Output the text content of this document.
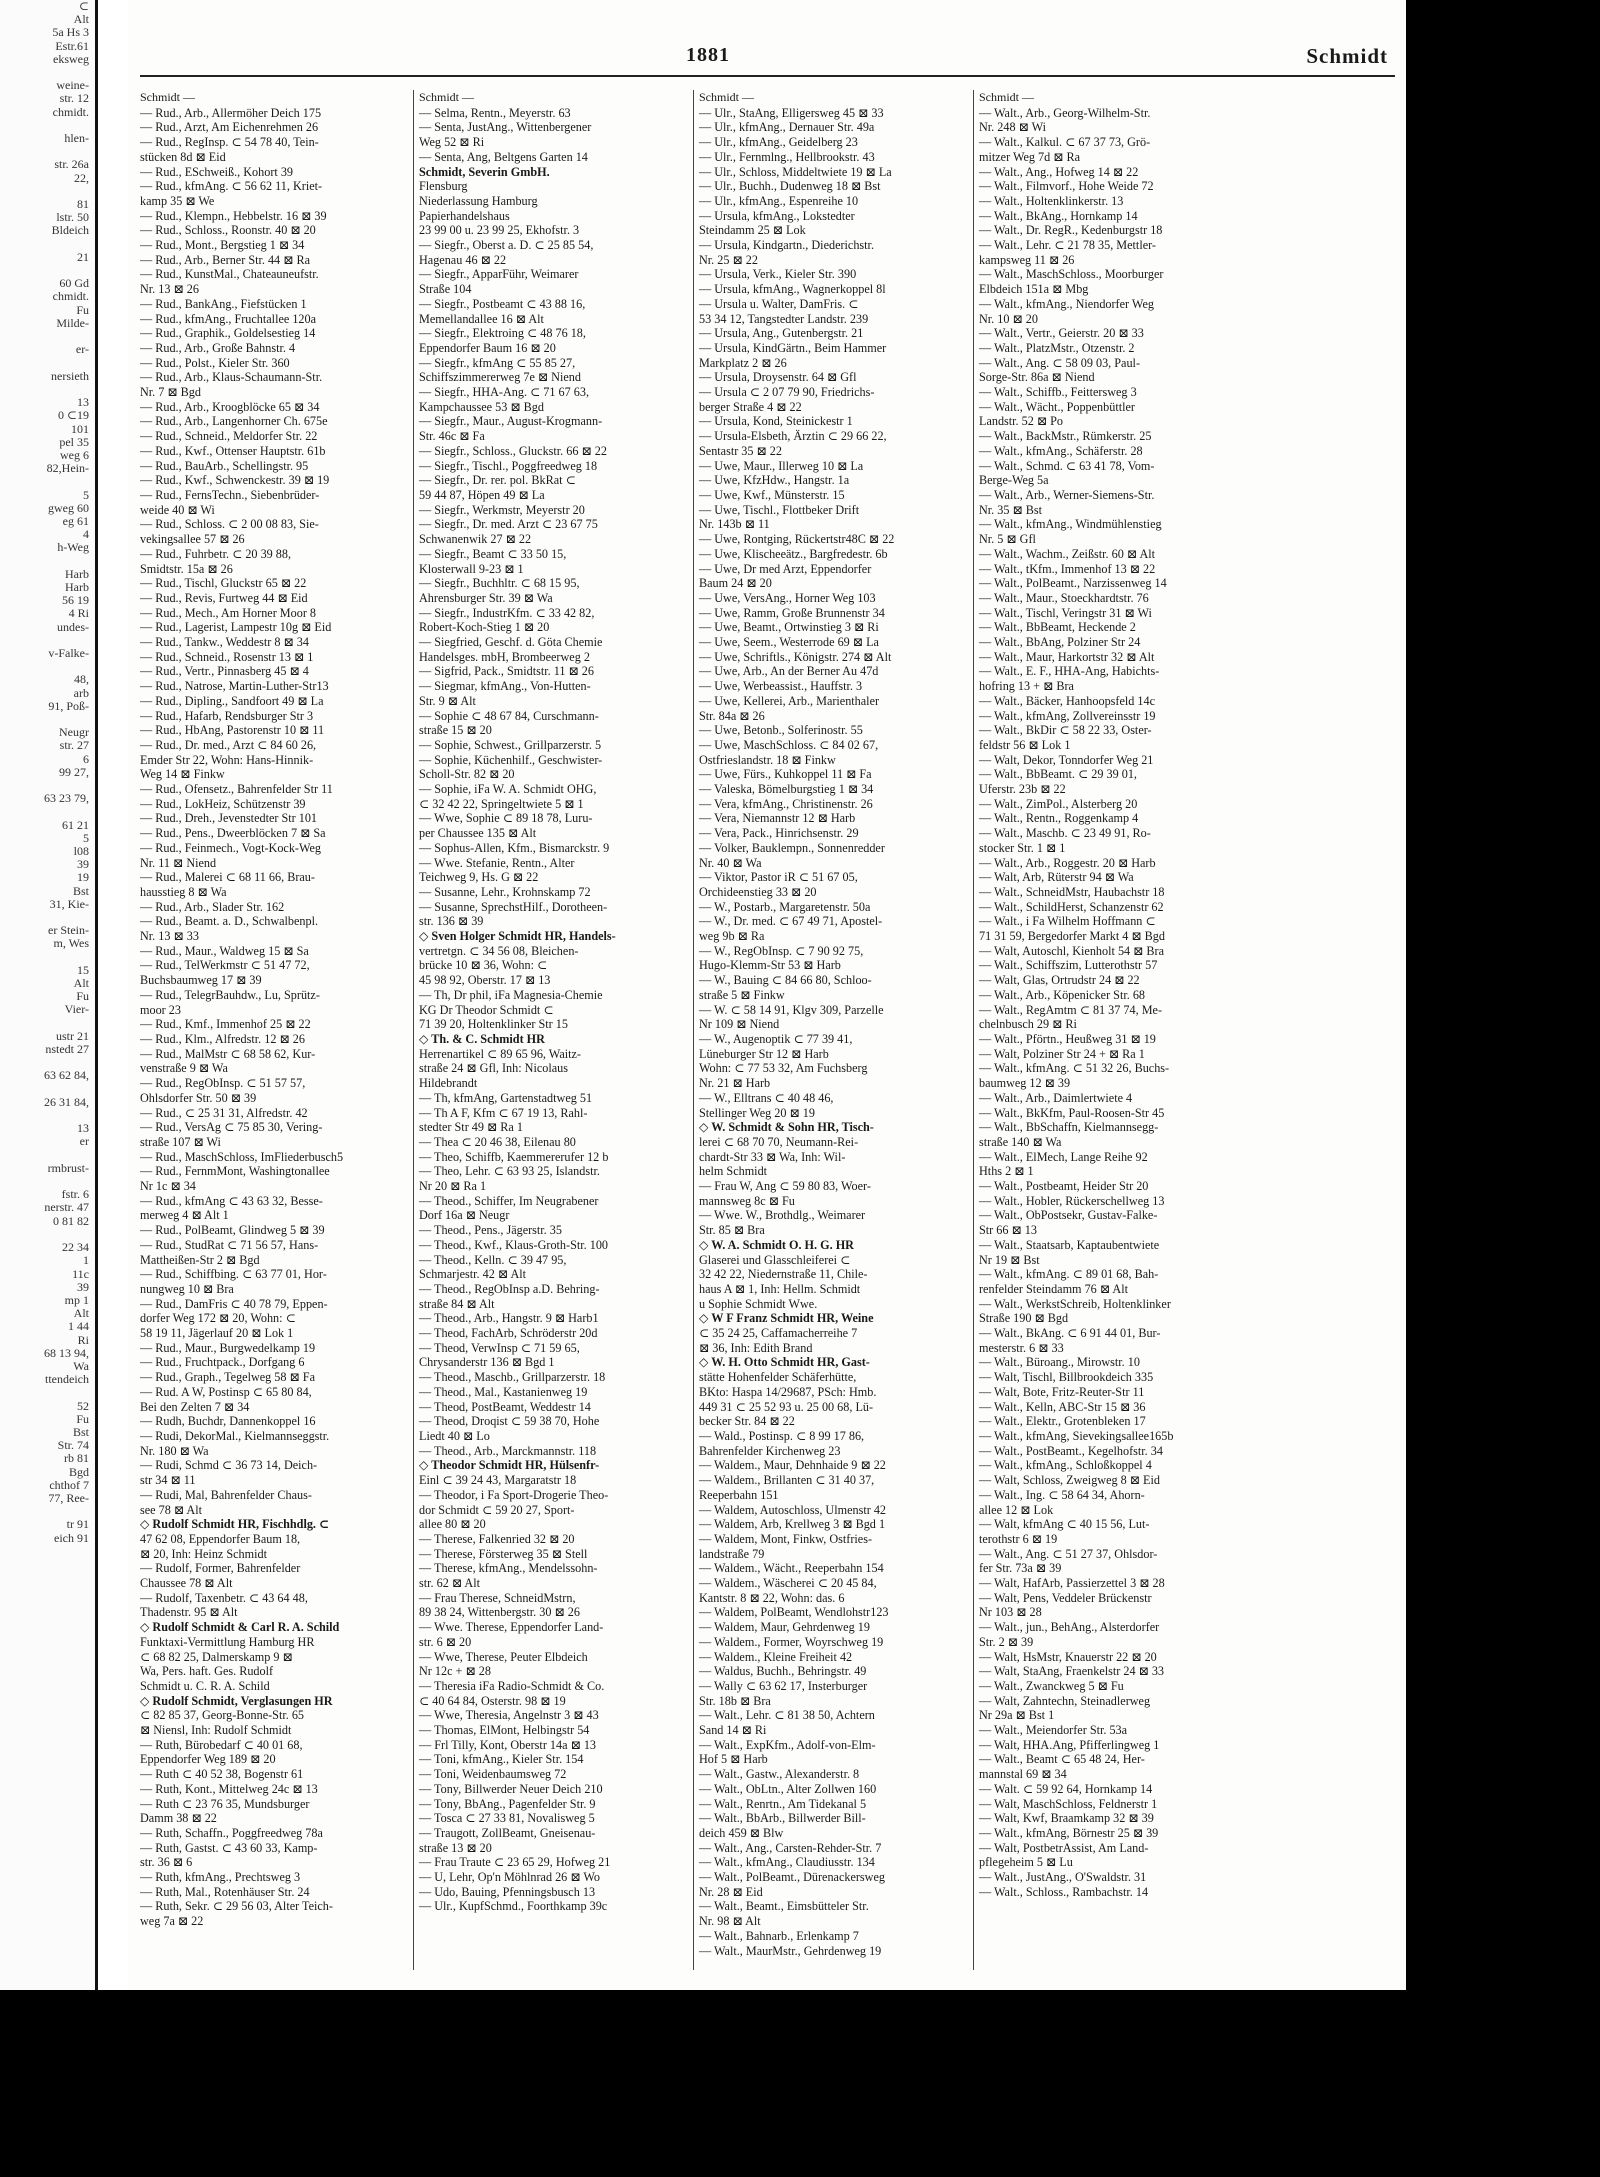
⊂
Alt
5a Hs 3
Estr.61
eksweg

weine-
str. 12
chmidt.

hlen-

str. 26a
22,

81
lstr. 50
Bldeich

21

60 Gd
chmidt.
Fu
Milde-

er-

nersieth

13
0 ⊂19
101
pel 35
weg 6
82,Hein-

5
gweg 60
eg 61
4
h-Weg

Harb
Harb
56 19
4 Ri
undes-

v-Falke-

48,
arb
91, Poß-

Neugr
str. 27
6
99 27,

63 23 79,

61 21
5
l08
39
19
Bst
31, Kie-

er Stein-
m, Wes

15
Alt
Fu
Vier-

ustr 21
nstedt 27

63 62 84,

26 31 84,

13
er

rmbrust-

fstr. 6
nerstr. 47
0 81 82

22 34
1
11c
39
mp 1
Alt
1 44
Ri
68 13 94,
Wa
ttendeich

52
Fu
Bst
Str. 74
rb 81
Bgd
chthof 7
77, Ree-

tr 91
eich 91
1881	Schmidt
Schmidt —
— Rud., Arb., Allermöher Deich 175
— Rud., Arzt, Am Eichenrehmen 26
— Rud., RegInsp. ⊂ 54 78 40, Tein-
stücken 8d ⊠ Eid
— Rud., ESchweiß., Kohort 39
— Rud., kfmAng. ⊂ 56 62 11, Kriet-
kamp 35 ⊠ We
— Rud., Klempn., Hebbelstr. 16 ⊠ 39
— Rud., Schloss., Roonstr. 40 ⊠ 20
— Rud., Mont., Bergstieg 1 ⊠ 34
— Rud., Arb., Berner Str. 44 ⊠ Ra
— Rud., KunstMal., Chateauneufstr.
Nr. 13 ⊠ 26
— Rud., BankAng., Fiefstücken 1
— Rud., kfmAng., Fruchtallee 120a
— Rud., Graphik., Goldelsestieg 14
— Rud., Arb., Große Bahnstr. 4
— Rud., Polst., Kieler Str. 360
— Rud., Arb., Klaus-Schaumann-Str.
Nr. 7 ⊠ Bgd
— Rud., Arb., Kroogblöcke 65 ⊠ 34
— Rud., Arb., Langenhorner Ch. 675e
— Rud., Schneid., Meldorfer Str. 22
— Rud., Kwf., Ottenser Hauptstr. 61b
— Rud., BauArb., Schellingstr. 95
— Rud., Kwf., Schwenckestr. 39 ⊠ 19
— Rud., FernsTechn., Siebenbrüder-
weide 40 ⊠ Wi
— Rud., Schloss. ⊂ 2 00 08 83, Sie-
vekingsallee 57 ⊠ 26
— Rud., Fuhrbetr. ⊂ 20 39 88,
Smidtstr. 15a ⊠ 26
— Rud., Tischl, Gluckstr 65 ⊠ 22
— Rud., Revis, Furtweg 44 ⊠ Eid
— Rud., Mech., Am Horner Moor 8
— Rud., Lagerist, Lampestr 10g ⊠ Eid
— Rud., Tankw., Weddestr 8 ⊠ 34
— Rud., Schneid., Rosenstr 13 ⊠ 1
— Rud., Vertr., Pinnasberg 45 ⊠ 4
— Rud., Natrose, Martin-Luther-Str13
— Rud., Dipling., Sandfoort 49 ⊠ La
— Rud., Hafarb, Rendsburger Str 3
— Rud., HbAng, Pastorenstr 10 ⊠ 11
— Rud., Dr. med., Arzt ⊂ 84 60 26,
Emder Str 22, Wohn: Hans-Hinnik-
Weg 14 ⊠ Finkw
— Rud., Ofensetz., Bahrenfelder Str 11
— Rud., LokHeiz, Schützenstr 39
— Rud., Dreh., Jevenstedter Str 101
— Rud., Pens., Dweerblöcken 7 ⊠ Sa
— Rud., Feinmech., Vogt-Kock-Weg
Nr. 11 ⊠ Niend
— Rud., Malerei ⊂ 68 11 66, Brau-
hausstieg 8 ⊠ Wa
— Rud., Arb., Slader Str. 162
— Rud., Beamt. a. D., Schwalbenpl.
Nr. 13 ⊠ 33
— Rud., Maur., Waldweg 15 ⊠ Sa
— Rud., TelWerkmstr ⊂ 51 47 72,
Buchsbaumweg 17 ⊠ 39
— Rud., TelegrBauhdw., Lu, Sprütz-
moor 23
— Rud., Kmf., Immenhof 25 ⊠ 22
— Rud., Klm., Alfredstr. 12 ⊠ 26
— Rud., MalMstr ⊂ 68 58 62, Kur-
venstraße 9 ⊠ Wa
— Rud., RegObInsp. ⊂ 51 57 57,
Ohlsdorfer Str. 50 ⊠ 39
— Rud., ⊂ 25 31 31, Alfredstr. 42
— Rud., VersAg ⊂ 75 85 30, Vering-
straße 107 ⊠ Wi
— Rud., MaschSchloss, ImFliederbusch5
— Rud., FernmMont, Washingtonallee
Nr 1c ⊠ 34
— Rud., kfmAng ⊂ 43 63 32, Besse-
merweg 4 ⊠ Alt 1
— Rud., PolBeamt, Glindweg 5 ⊠ 39
— Rud., StudRat ⊂ 71 56 57, Hans-
Mattheißen-Str 2 ⊠ Bgd
— Rud., Schiffbing. ⊂ 63 77 01, Hor-
nungweg 10 ⊠ Bra
— Rud., DamFris ⊂ 40 78 79, Eppen-
dorfer Weg 172 ⊠ 20, Wohn: ⊂
58 19 11, Jägerlauf 20 ⊠ Lok 1
— Rud., Maur., Burgwedelkamp 19
— Rud., Fruchtpack., Dorfgang 6
— Rud., Graph., Tegelweg 58 ⊠ Fa
— Rud. A W, Postinsp ⊂ 65 80 84,
Bei den Zelten 7 ⊠ 34
— Rudh, Buchdr, Dannenkoppel 16
— Rudi, DekorMal., Kielmannseggstr.
Nr. 180 ⊠ Wa
— Rudi, Schmd ⊂ 36 73 14, Deich-
str 34 ⊠ 11
— Rudi, Mal, Bahrenfelder Chaus-
see 78 ⊠ Alt
◇ Rudolf Schmidt HR, Fischhdlg. ⊂
47 62 08, Eppendorfer Baum 18,
⊠ 20, Inh: Heinz Schmidt
— Rudolf, Former, Bahrenfelder
Chaussee 78 ⊠ Alt
— Rudolf, Taxenbetr. ⊂ 43 64 48,
Thadenstr. 95 ⊠ Alt
◇ Rudolf Schmidt & Carl R. A. Schild
Funktaxi-Vermittlung Hamburg HR
⊂ 68 82 25, Dalmerskamp 9 ⊠
Wa, Pers. haft. Ges. Rudolf
Schmidt u. C. R. A. Schild
◇ Rudolf Schmidt, Verglasungen HR
⊂ 82 85 37, Georg-Bonne-Str. 65
⊠ Niensl, Inh: Rudolf Schmidt
— Ruth, Bürobedarf ⊂ 40 01 68,
Eppendorfer Weg 189 ⊠ 20
— Ruth ⊂ 40 52 38, Bogenstr 61
— Ruth, Kont., Mittelweg 24c ⊠ 13
— Ruth ⊂ 23 76 35, Mundsburger
Damm 38 ⊠ 22
— Ruth, Schaffn., Poggfreedweg 78a
— Ruth, Gastst. ⊂ 43 60 33, Kamp-
str. 36 ⊠ 6
— Ruth, kfmAng., Prechtsweg 3
— Ruth, Mal., Rotenhäuser Str. 24
— Ruth, Sekr. ⊂ 29 56 03, Alter Teich-
weg 7a ⊠ 22
Schmidt —
— Selma, Rentn., Meyerstr. 63
— Senta, JustAng., Wittenbergener
Weg 52 ⊠ Ri
— Senta, Ang, Beltgens Garten 14
Schmidt, Severin GmbH.
Flensburg
Niederlassung Hamburg
Papierhandelshaus
23 99 00 u. 23 99 25, Ekhofstr. 3
— Siegfr., Oberst a. D. ⊂ 25 85 54,
Hagenau 46 ⊠ 22
— Siegfr., ApparFühr, Weimarer
Straße 104
— Siegfr., Postbeamt ⊂ 43 88 16,
Memellandallee 16 ⊠ Alt
— Siegfr., Elektroing ⊂ 48 76 18,
Eppendorfer Baum 16 ⊠ 20
— Siegfr., kfmAng ⊂ 55 85 27,
Schiffszimmererweg 7e ⊠ Niend
— Siegfr., HHA-Ang. ⊂ 71 67 63,
Kampchaussee 53 ⊠ Bgd
— Siegfr., Maur., August-Krogmann-
Str. 46c ⊠ Fa
— Siegfr., Schloss., Gluckstr. 66 ⊠ 22
— Siegfr., Tischl., Poggfreedweg 18
— Siegfr., Dr. rer. pol. BkRat ⊂
59 44 87, Höpen 49 ⊠ La
— Siegfr., Werkmstr, Meyerstr 20
— Siegfr., Dr. med. Arzt ⊂ 23 67 75
Schwanenwik 27 ⊠ 22
— Siegfr., Beamt ⊂ 33 50 15,
Klosterwall 9-23 ⊠ 1
— Siegfr., Buchhltr. ⊂ 68 15 95,
Ahrensburger Str. 39 ⊠ Wa
— Siegfr., IndustrKfm. ⊂ 33 42 82,
Robert-Koch-Stieg 1 ⊠ 20
— Siegfried, Geschf. d. Göta Chemie
Handelsges. mbH, Brombeerweg 2
— Sigfrid, Pack., Smidtstr. 11 ⊠ 26
— Siegmar, kfmAng., Von-Hutten-
Str. 9 ⊠ Alt
— Sophie ⊂ 48 67 84, Curschmann-
straße 15 ⊠ 20
— Sophie, Schwest., Grillparzerstr. 5
— Sophie, Küchenhilf., Geschwister-
Scholl-Str. 82 ⊠ 20
— Sophie, iFa W. A. Schmidt OHG,
⊂ 32 42 22, Springeltwiete 5 ⊠ 1
— Wwe, Sophie ⊂ 89 18 78, Luru-
per Chaussee 135 ⊠ Alt
— Sophus-Allen, Kfm., Bismarckstr. 9
— Wwe. Stefanie, Rentn., Alter
Teichweg 9, Hs. G ⊠ 22
— Susanne, Lehr., Krohnskamp 72
— Susanne, SprechstHilf., Dorotheen-
str. 136 ⊠ 39
◇ Sven Holger Schmidt HR, Handels-
vertretgn. ⊂ 34 56 08, Bleichen-
brücke 10 ⊠ 36, Wohn: ⊂
45 98 92, Oberstr. 17 ⊠ 13
— Th, Dr phil, iFa Magnesia-Chemie
KG Dr Theodor Schmidt ⊂
71 39 20, Holtenklinker Str 15
◇ Th. & C. Schmidt HR
Herrenartikel ⊂ 89 65 96, Waitz-
straße 24 ⊠ Gfl, Inh: Nicolaus
Hildebrandt
— Th, kfmAng, Gartenstadtweg 51
— Th A F, Kfm ⊂ 67 19 13, Rahl-
stedter Str 49 ⊠ Ra 1
— Thea ⊂ 20 46 38, Eilenau 80
— Theo, Schiffb, Kaemmererufer 12 b
— Theo, Lehr. ⊂ 63 93 25, Islandstr.
Nr 20 ⊠ Ra 1
— Theod., Schiffer, Im Neugrabener
Dorf 16a ⊠ Neugr
— Theod., Pens., Jägerstr. 35
— Theod., Kwf., Klaus-Groth-Str. 100
— Theod., Kelln. ⊂ 39 47 95,
Schmarjestr. 42 ⊠ Alt
— Theod., RegObInsp a.D. Behring-
straße 84 ⊠ Alt
— Theod., Arb., Hangstr. 9 ⊠ Harb1
— Theod, FachArb, Schröderstr 20d
— Theod, VerwInsp ⊂ 71 59 65,
Chrysanderstr 136 ⊠ Bgd 1
— Theod., Maschb., Grillparzerstr. 18
— Theod., Mal., Kastanienweg 19
— Theod, PostBeamt, Weddestr 14
— Theod, Droqist ⊂ 59 38 70, Hohe
Liedt 40 ⊠ Lo
— Theod., Arb., Marckmannstr. 118
◇ Theodor Schmidt HR, Hülsenfr-
Einl ⊂ 39 24 43, Margaratstr 18
— Theodor, i Fa Sport-Drogerie Theo-
dor Schmidt ⊂ 59 20 27, Sport-
allee 80 ⊠ 20
— Therese, Falkenried 32 ⊠ 20
— Therese, Försterweg 35 ⊠ Stell
— Therese, kfmAng., Mendelssohn-
str. 62 ⊠ Alt
— Frau Therese, SchneidMstrn,
89 38 24, Wittenbergstr. 30 ⊠ 26
— Wwe. Therese, Eppendorfer Land-
str. 6 ⊠ 20
— Wwe, Therese, Peuter Elbdeich
Nr 12c + ⊠ 28
— Theresia iFa Radio-Schmidt & Co.
⊂ 40 64 84, Osterstr. 98 ⊠ 19
— Wwe, Theresia, Angelnstr 3 ⊠ 43
— Thomas, ElMont, Helbingstr 54
— Frl Tilly, Kont, Oberstr 14a ⊠ 13
— Toni, kfmAng., Kieler Str. 154
— Toni, Weidenbaumsweg 72
— Tony, Billwerder Neuer Deich 210
— Tony, BbAng., Pagenfelder Str. 9
— Tosca ⊂ 27 33 81, Novalisweg 5
— Traugott, ZollBeamt, Gneisenau-
straße 13 ⊠ 20
— Frau Traute ⊂ 23 65 29, Hofweg 21
— U, Lehr, Op'n Möhlnrad 26 ⊠ Wo
— Udo, Bauing, Pfenningsbusch 13
— Ulr., KupfSchmd., Foorthkamp 39c
Schmidt —
— Ulr., StaAng, Elligersweg 45 ⊠ 33
— Ulr., kfmAng., Dernauer Str. 49a
— Ulr., kfmAng., Geidelberg 23
— Ulr., Fernmlng., Hellbrookstr. 43
— Ulr., Schloss, Middeltwiete 19 ⊠ La
— Ulr., Buchh., Dudenweg 18 ⊠ Bst
— Ulr., kfmAng., Espenreihe 10
— Ursula, kfmAng., Lokstedter
Steindamm 25 ⊠ Lok
— Ursula, Kindgartn., Diederichstr.
Nr. 25 ⊠ 22
— Ursula, Verk., Kieler Str. 390
— Ursula, kfmAng., Wagnerkoppel 8l
— Ursula u. Walter, DamFris. ⊂
53 34 12, Tangstedter Landstr. 239
— Ursula, Ang., Gutenbergstr. 21
— Ursula, KindGärtn., Beim Hammer
Markplatz 2 ⊠ 26
— Ursula, Droysenstr. 64 ⊠ Gfl
— Ursula ⊂ 2 07 79 90, Friedrichs-
berger Straße 4 ⊠ 22
— Ursula, Kond, Steinickestr 1
— Ursula-Elsbeth, Ärztin ⊂ 29 66 22,
Sentastr 35 ⊠ 22
— Uwe, Maur., Illerweg 10 ⊠ La
— Uwe, KfzHdw., Hangstr. 1a
— Uwe, Kwf., Münsterstr. 15
— Uwe, Tischl., Flottbeker Drift
Nr. 143b ⊠ 11
— Uwe, Rontging, Rückertstr48C ⊠ 22
— Uwe, Klischeeätz., Bargfredestr. 6b
— Uwe, Dr med Arzt, Eppendorfer
Baum 24 ⊠ 20
— Uwe, VersAng., Horner Weg 103
— Uwe, Ramm, Große Brunnenstr 34
— Uwe, Beamt., Ortwinstieg 3 ⊠ Ri
— Uwe, Seem., Westerrode 69 ⊠ La
— Uwe, Schriftls., Königstr. 274 ⊠ Alt
— Uwe, Arb., An der Berner Au 47d
— Uwe, Werbeassist., Hauffstr. 3
— Uwe, Kellerei, Arb., Marienthaler
Str. 84a ⊠ 26
— Uwe, Betonb., Solferinostr. 55
— Uwe, MaschSchloss. ⊂ 84 02 67,
Ostfrieslandstr. 18 ⊠ Finkw
— Uwe, Fürs., Kuhkoppel 11 ⊠ Fa
— Valeska, Bömelburgstieg 1 ⊠ 34
— Vera, kfmAng., Christinenstr. 26
— Vera, Niemannstr 12 ⊠ Harb
— Vera, Pack., Hinrichsenstr. 29
— Volker, Bauklempn., Sonnenredder
Nr. 40 ⊠ Wa
— Viktor, Pastor iR ⊂ 51 67 05,
Orchideenstieg 33 ⊠ 20
— W., Postarb., Margaretenstr. 50a
— W., Dr. med. ⊂ 67 49 71, Apostel-
weg 9b ⊠ Ra
— W., RegObInsp. ⊂ 7 90 92 75,
Hugo-Klemm-Str 53 ⊠ Harb
— W., Bauing ⊂ 84 66 80, Schloo-
straße 5 ⊠ Finkw
— W. ⊂ 58 14 91, Klgv 309, Parzelle
Nr 109 ⊠ Niend
— W., Augenoptik ⊂ 77 39 41,
Lüneburger Str 12 ⊠ Harb
Wohn: ⊂ 77 53 32, Am Fuchsberg
Nr. 21 ⊠ Harb
— W., Elltrans ⊂ 40 48 46,
Stellinger Weg 20 ⊠ 19
◇ W. Schmidt & Sohn HR, Tisch-
lerei ⊂ 68 70 70, Neumann-Rei-
chardt-Str 33 ⊠ Wa, Inh: Wil-
helm Schmidt
— Frau W, Ang ⊂ 59 80 83, Woer-
mannsweg 8c ⊠ Fu
— Wwe. W., Brothdlg., Weimarer
Str. 85 ⊠ Bra
◇ W. A. Schmidt O. H. G. HR
Glaserei und Glasschleiferei ⊂
32 42 22, Niedernstraße 11, Chile-
haus A ⊠ 1, Inh: Hellm. Schmidt
u Sophie Schmidt Wwe.
◇ W F Franz Schmidt HR, Weine
⊂ 35 24 25, Caffamacherreihe 7
⊠ 36, Inh: Edith Brand
◇ W. H. Otto Schmidt HR, Gast-
stätte Hohenfelder Schäferhütte,
BKto: Haspa 14/29687, PSch: Hmb.
449 31 ⊂ 25 52 93 u. 25 00 68, Lü-
becker Str. 84 ⊠ 22
— Wald., Postinsp. ⊂ 8 99 17 86,
Bahrenfelder Kirchenweg 23
— Waldem., Maur, Dehnhaide 9 ⊠ 22
— Waldem., Brillanten ⊂ 31 40 37,
Reeperbahn 151
— Waldem, Autoschloss, Ulmenstr 42
— Waldem, Arb, Krellweg 3 ⊠ Bgd 1
— Waldem, Mont, Finkw, Ostfries-
landstraße 79
— Waldem., Wächt., Reeperbahn 154
— Waldem., Wäscherei ⊂ 20 45 84,
Kantstr. 8 ⊠ 22, Wohn: das. 6
— Waldem, PolBeamt, Wendlohstr123
— Waldem, Maur, Gehrdenweg 19
— Waldem., Former, Woyrschweg 19
— Waldem., Kleine Freiheit 42
— Waldus, Buchh., Behringstr. 49
— Wally ⊂ 63 62 17, Insterburger
Str. 18b ⊠ Bra
— Walt., Lehr. ⊂ 81 38 50, Achtern
Sand 14 ⊠ Ri
— Walt., ExpKfm., Adolf-von-Elm-
Hof 5 ⊠ Harb
— Walt., Gastw., Alexanderstr. 8
— Walt., ObLtn., Alter Zollwen 160
— Walt., Renrtn., Am Tidekanal 5
— Walt., BbArb., Billwerder Bill-
deich 459 ⊠ Blw
— Walt., Ang., Carsten-Rehder-Str. 7
— Walt., kfmAng., Claudiusstr. 134
— Walt., PolBeamt., Dürenackersweg
Nr. 28 ⊠ Eid
— Walt., Beamt., Eimsbütteler Str.
Nr. 98 ⊠ Alt
— Walt., Bahnarb., Erlenkamp 7
— Walt., MaurMstr., Gehrdenweg 19
Schmidt —
— Walt., Arb., Georg-Wilhelm-Str.
Nr. 248 ⊠ Wi
— Walt., Kalkul. ⊂ 67 37 73, Grö-
mitzer Weg 7d ⊠ Ra
— Walt., Ang., Hofweg 14 ⊠ 22
— Walt., Filmvorf., Hohe Weide 72
— Walt., Holtenklinkerstr. 13
— Walt., BkAng., Hornkamp 14
— Walt., Dr. RegR., Kedenburgstr 18
— Walt., Lehr. ⊂ 21 78 35, Mettler-
kampsweg 11 ⊠ 26
— Walt., MaschSchloss., Moorburger
Elbdeich 151a ⊠ Mbg
— Walt., kfmAng., Niendorfer Weg
Nr. 10 ⊠ 20
— Walt., Vertr., Geierstr. 20 ⊠ 33
— Walt., PlatzMstr., Otzenstr. 2
— Walt., Ang. ⊂ 58 09 03, Paul-
Sorge-Str. 86a ⊠ Niend
— Walt., Schiffb., Feittersweg 3
— Walt., Wächt., Poppenbüttler
Landstr. 52 ⊠ Po
— Walt., BackMstr., Rümkerstr. 25
— Walt., kfmAng., Schäferstr. 28
— Walt., Schmd. ⊂ 63 41 78, Vom-
Berge-Weg 5a
— Walt., Arb., Werner-Siemens-Str.
Nr. 35 ⊠ Bst
— Walt., kfmAng., Windmühlenstieg
Nr. 5 ⊠ Gfl
— Walt., Wachm., Zeißstr. 60 ⊠ Alt
— Walt., tKfm., Immenhof 13 ⊠ 22
— Walt., PolBeamt., Narzissenweg 14
— Walt., Maur., Stoeckhardtstr. 76
— Walt., Tischl, Veringstr 31 ⊠ Wi
— Walt., BbBeamt, Heckende 2
— Walt., BbAng, Polziner Str 24
— Walt., Maur, Harkortstr 32 ⊠ Alt
— Walt., E. F., HHA-Ang, Habichts-
hofring 13 + ⊠ Bra
— Walt., Bäcker, Hanhoopsfeld 14c
— Walt., kfmAng, Zollvereinsstr 19
— Walt., BkDir ⊂ 58 22 33, Oster-
feldstr 56 ⊠ Lok 1
— Walt, Dekor, Tonndorfer Weg 21
— Walt., BbBeamt. ⊂ 29 39 01,
Uferstr. 23b ⊠ 22
— Walt., ZimPol., Alsterberg 20
— Walt., Rentn., Roggenkamp 4
— Walt., Maschb. ⊂ 23 49 91, Ro-
stocker Str. 1 ⊠ 1
— Walt., Arb., Roggestr. 20 ⊠ Harb
— Walt, Arb, Rüterstr 94 ⊠ Wa
— Walt., SchneidMstr, Haubachstr 18
— Walt., SchildHerst, Schanzenstr 62
— Walt., i Fa Wilhelm Hoffmann ⊂
71 31 59, Bergedorfer Markt 4 ⊠ Bgd
— Walt, Autoschl, Kienholt 54 ⊠ Bra
— Walt., Schiffszim, Lutterothstr 57
— Walt, Glas, Ortrudstr 24 ⊠ 22
— Walt., Arb., Köpenicker Str. 68
— Walt., RegAmtm ⊂ 81 37 74, Me-
chelnbusch 29 ⊠ Ri
— Walt., Pförtn., Heußweg 31 ⊠ 19
— Walt, Polziner Str 24 + ⊠ Ra 1
— Walt., kfmAng. ⊂ 51 32 26, Buchs-
baumweg 12 ⊠ 39
— Walt., Arb., Daimlertwiete 4
— Walt., BkKfm, Paul-Roosen-Str 45
— Walt., BbSchaffn, Kielmannsegg-
straße 140 ⊠ Wa
— Walt., ElMech, Lange Reihe 92
Hths 2 ⊠ 1
— Walt., Postbeamt, Heider Str 20
— Walt., Hobler, Rückerschellweg 13
— Walt., ObPostsekr, Gustav-Falke-
Str 66 ⊠ 13
— Walt., Staatsarb, Kaptaubentwiete
Nr 19 ⊠ Bst
— Walt., kfmAng. ⊂ 89 01 68, Bah-
renfelder Steindamm 76 ⊠ Alt
— Walt., WerkstSchreib, Holtenklinker
Straße 190 ⊠ Bgd
— Walt., BkAng. ⊂ 6 91 44 01, Bur-
mesterstr. 6 ⊠ 33
— Walt., Büroang., Mirowstr. 10
— Walt, Tischl, Billbrookdeich 335
— Walt, Bote, Fritz-Reuter-Str 11
— Walt., Kelln, ABC-Str 15 ⊠ 36
— Walt., Elektr., Grotenbleken 17
— Walt., kfmAng, Sievekingsallee165b
— Walt., PostBeamt., Kegelhofstr. 34
— Walt., kfmAng., Schloßkoppel 4
— Walt, Schloss, Zweigweg 8 ⊠ Eid
— Walt., Ing. ⊂ 58 64 34, Ahorn-
allee 12 ⊠ Lok
— Walt, kfmAng ⊂ 40 15 56, Lut-
terothstr 6 ⊠ 19
— Walt., Ang. ⊂ 51 27 37, Ohlsdor-
fer Str. 73a ⊠ 39
— Walt, HafArb, Passierzettel 3 ⊠ 28
— Walt, Pens, Veddeler Brückenstr
Nr 103 ⊠ 28
— Walt., jun., BehAng., Alsterdorfer
Str. 2 ⊠ 39
— Walt, HsMstr, Knauerstr 22 ⊠ 20
— Walt, StaAng, Fraenkelstr 24 ⊠ 33
— Walt., Zwanckweg 5 ⊠ Fu
— Walt, Zahntechn, Steinadlerweg
Nr 29a ⊠ Bst 1
— Walt., Meiendorfer Str. 53a
— Walt, HHA.Ang, Pfifferlingweg 1
— Walt., Beamt ⊂ 65 48 24, Her-
mannstal 69 ⊠ 34
— Walt. ⊂ 59 92 64, Hornkamp 14
— Walt, MaschSchloss, Feldnerstr 1
— Walt, Kwf, Braamkamp 32 ⊠ 39
— Walt., kfmAng, Börnestr 25 ⊠ 39
— Walt, PostbetrAssist, Am Land-
pflegeheim 5 ⊠ Lu
— Walt., JustAng., O'Swaldstr. 31
— Walt., Schloss., Rambachstr. 14
